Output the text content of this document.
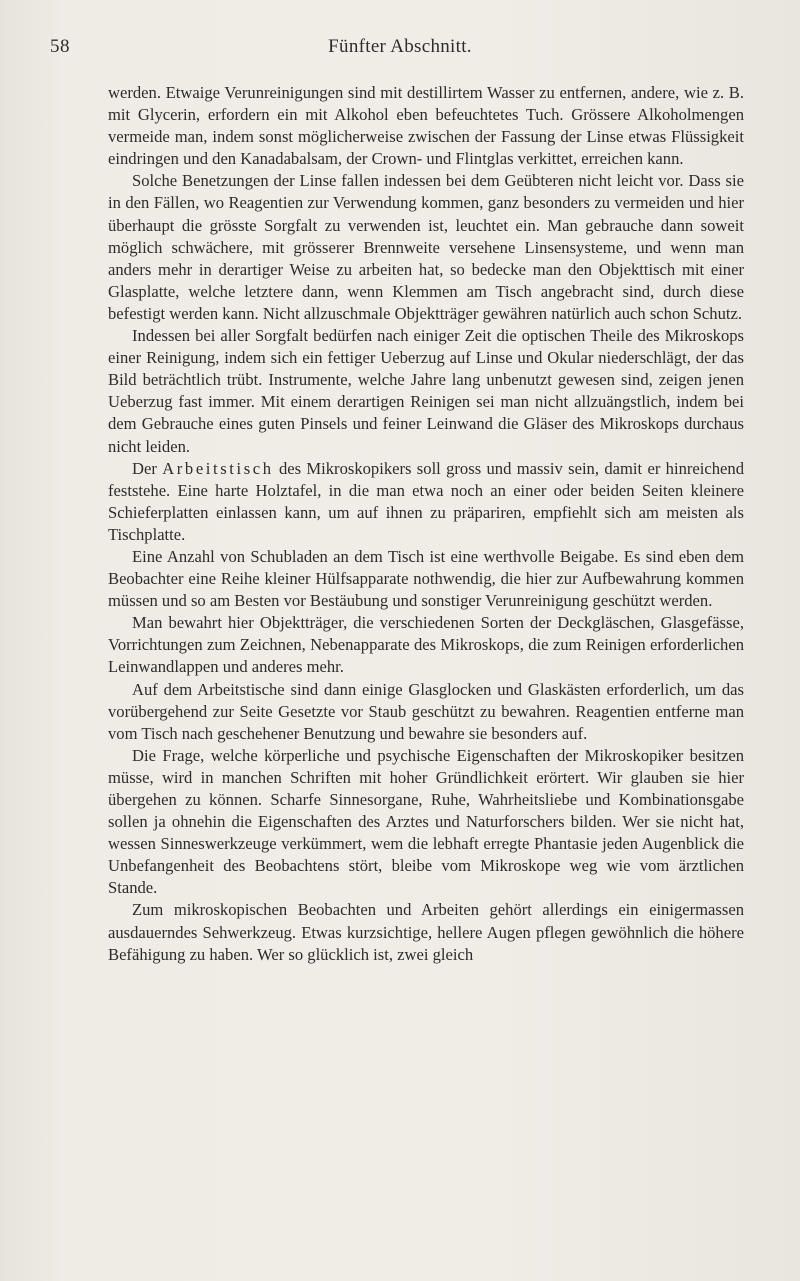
58	Fünfter Abschnitt.

werden. Etwaige Verunreinigungen sind mit destillirtem Wasser zu entfernen, andere, wie z. B. mit Glycerin, erfordern ein mit Alkohol eben befeuchtetes Tuch. Grössere Alkoholmengen vermeide man, indem sonst möglicherweise zwischen der Fassung der Linse etwas Flüssigkeit eindringen und den Kanadabalsam, der Crown- und Flintglas verkittet, erreichen kann.

Solche Benetzungen der Linse fallen indessen bei dem Geübteren nicht leicht vor. Dass sie in den Fällen, wo Reagentien zur Verwendung kommen, ganz besonders zu vermeiden und hier überhaupt die grösste Sorgfalt zu verwenden ist, leuchtet ein. Man gebrauche dann soweit möglich schwächere, mit grösserer Brennweite versehene Linsensysteme, und wenn man anders mehr in derartiger Weise zu arbeiten hat, so bedecke man den Objekttisch mit einer Glasplatte, welche letztere dann, wenn Klemmen am Tisch angebracht sind, durch diese befestigt werden kann. Nicht allzuschmale Objektträger gewähren natürlich auch schon Schutz.

Indessen bei aller Sorgfalt bedürfen nach einiger Zeit die optischen Theile des Mikroskops einer Reinigung, indem sich ein fettiger Ueberzug auf Linse und Okular niederschlägt, der das Bild beträchtlich trübt. Instrumente, welche Jahre lang unbenutzt gewesen sind, zeigen jenen Ueberzug fast immer. Mit einem derartigen Reinigen sei man nicht allzuängstlich, indem bei dem Gebrauche eines guten Pinsels und feiner Leinwand die Gläser des Mikroskops durchaus nicht leiden.

Der Arbeitstisch des Mikroskopikers soll gross und massiv sein, damit er hinreichend feststehe. Eine harte Holztafel, in die man etwa noch an einer oder beiden Seiten kleinere Schieferplatten einlassen kann, um auf ihnen zu präpariren, empfiehlt sich am meisten als Tischplatte.

Eine Anzahl von Schubladen an dem Tisch ist eine werthvolle Beigabe. Es sind eben dem Beobachter eine Reihe kleiner Hülfsapparate nothwendig, die hier zur Aufbewahrung kommen müssen und so am Besten vor Bestäubung und sonstiger Verunreinigung geschützt werden.

Man bewahrt hier Objektträger, die verschiedenen Sorten der Deckgläschen, Glasgefässe, Vorrichtungen zum Zeichnen, Nebenapparate des Mikroskops, die zum Reinigen erforderlichen Leinwandlappen und anderes mehr.

Auf dem Arbeitstische sind dann einige Glasglocken und Glaskästen erforderlich, um das vorübergehend zur Seite Gesetzte vor Staub geschützt zu bewahren. Reagentien entferne man vom Tisch nach geschehener Benutzung und bewahre sie besonders auf.

Die Frage, welche körperliche und psychische Eigenschaften der Mikroskopiker besitzen müsse, wird in manchen Schriften mit hoher Gründlichkeit erörtert. Wir glauben sie hier übergehen zu können. Scharfe Sinnesorgane, Ruhe, Wahrheitsliebe und Kombinationsgabe sollen ja ohnehin die Eigenschaften des Arztes und Naturforschers bilden. Wer sie nicht hat, wessen Sinneswerkzeuge verkümmert, wem die lebhaft erregte Phantasie jeden Augenblick die Unbefangenheit des Beobachtens stört, bleibe vom Mikroskope weg wie vom ärztlichen Stande.

Zum mikroskopischen Beobachten und Arbeiten gehört allerdings ein einigermassen ausdauerndes Sehwerkzeug. Etwas kurzsichtige, hellere Augen pflegen gewöhnlich die höhere Befähigung zu haben. Wer so glücklich ist, zwei gleich
